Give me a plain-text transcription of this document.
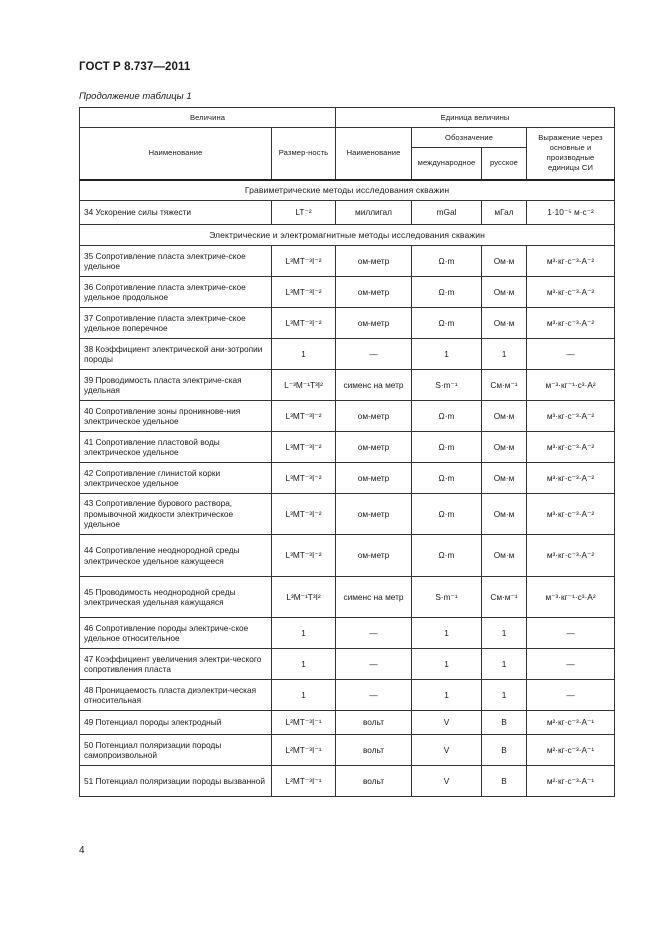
ГОСТ Р 8.737—2011
Продолжение таблицы 1
Величина		Единица величины			
Наименование	Размер-ность	Наименование	Обозначение		Выражение через основные и производные единицы СИ
			международное	русское	
Гравиметрические методы исследования скважин					
34 Ускорение силы тяжести	LT⁻²	миллигал	mGal	мГал	1·10⁻⁵ м·с⁻²
Электрические и электромагнитные методы исследования скважин					
35 Сопротивление пласта электриче-ское удельное	L³MT⁻³I⁻²	ом-метр	Ω·m	Ом·м	м³·кг·с⁻³·А⁻²
36 Сопротивление пласта электриче-ское удельное продольное	L³MT⁻³I⁻²	ом-метр	Ω·m	Ом·м	м³·кг·с⁻³·А⁻²
37 Сопротивление пласта электриче-ское удельное поперечное	L³MT⁻³I⁻²	ом-метр	Ω·m	Ом·м	м³·кг·с⁻³·А⁻²
38 Коэффициент электрической ани-зотропии породы	1	—	1	1	—
39 Проводимость пласта электриче-ская удельная	L⁻³M⁻¹T³I²	сименс на метр	S·m⁻¹	См·м⁻¹	м⁻³·кг⁻¹·с³·А²
40 Сопротивление зоны проникнове-ния электрическое удельное	L³MT⁻³I⁻²	ом-метр	Ω·m	Ом·м	м³·кг·с⁻³·А⁻²
41 Сопротивление пластовой воды электрическое удельное	L³MT⁻³I⁻²	ом-метр	Ω·m	Ом·м	м³·кг·с⁻³·А⁻²
42 Сопротивление глинистой корки электрическое удельное	L³MT⁻³I⁻²	ом-метр	Ω·m	Ом·м	м³·кг·с⁻³·А⁻²
43 Сопротивление бурового раствора, промывочной жидкости электрическое удельное	L³MT⁻³I⁻²	ом-метр	Ω·m	Ом·м	м³·кг·с⁻³·А⁻²
44 Сопротивление неоднородной среды электрическое удельное кажущееся	L³MT⁻³I⁻²	ом-метр	Ω·m	Ом·м	м³·кг·с⁻³·А⁻²
45 Проводимость неоднородной среды электрическая удельная кажущаяся	L³M⁻¹T³I²	сименс на метр	S·m⁻¹	См·м⁻¹	м⁻³·кг⁻¹·с³·А²
46 Сопротивление породы электриче-ское удельное относительное	1	—	1	1	—
47 Коэффициент увеличения электри-ческого сопротивления пласта	1	—	1	1	—
48 Проницаемость пласта диэлектри-ческая относительная	1	—	1	1	—
49 Потенциал породы электродный	L²MT⁻³I⁻¹	вольт	V	В	м²·кг·с⁻³·А⁻¹
50 Потенциал поляризации породы самопроизвольной	L²MT⁻³I⁻¹	вольт	V	В	м²·кг·с⁻³·А⁻¹
51 Потенциал поляризации породы вызванной	L²MT⁻³I⁻¹	вольт	V	В	м²·кг·с⁻³·А⁻¹
4
